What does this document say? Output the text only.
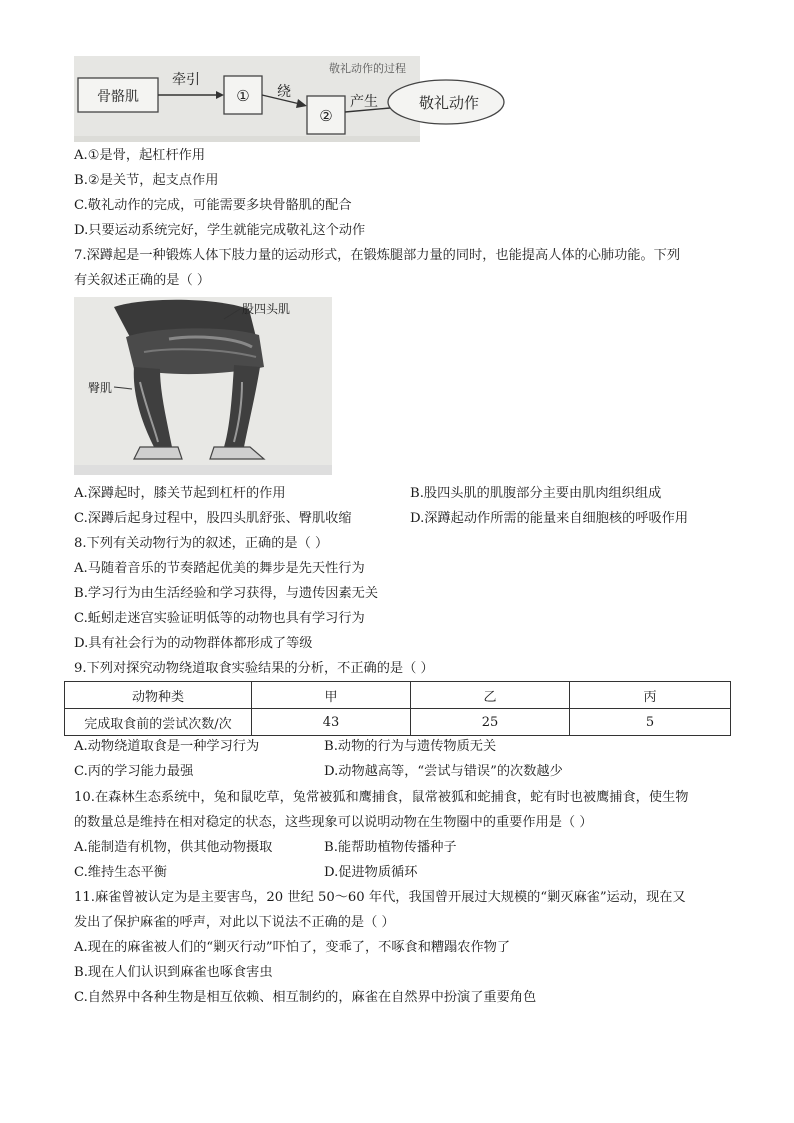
敬礼动作的过程
骨骼肌
牵引
① 绕
②
产生	敬礼动作
A.①是骨，起杠杆作用
B.②是关节，起支点作用
C.敬礼动作的完成，可能需要多块骨骼肌的配合
D.只要运动系统完好，学生就能完成敬礼这个动作
7.深蹲起是一种锻炼人体下肢力量的运动形式，在锻炼腿部力量的同时，也能提高人体的心肺功能。下列
有关叙述正确的是（ ）
股四头肌
臀肌
A.深蹲起时，膝关节起到杠杆的作用	B.股四头肌的肌腹部分主要由肌肉组织组成
C.深蹲后起身过程中，股四头肌舒张、臀肌收缩	D.深蹲起动作所需的能量来自细胞核的呼吸作用
8.下列有关动物行为的叙述，正确的是（ ）
A.马随着音乐的节奏踏起优美的舞步是先天性行为
B.学习行为由生活经验和学习获得，与遗传因素无关
C.蚯蚓走迷宫实验证明低等的动物也具有学习行为
D.具有社会行为的动物群体都形成了等级
9.下列对探究动物绕道取食实验结果的分析，不正确的是（ ）
动物种类	甲	乙	丙
完成取食前的尝试次数/次	43	25	5
A.动物绕道取食是一种学习行为	B.动物的行为与遗传物质无关
C.丙的学习能力最强	D.动物越高等，“尝试与错误”的次数越少
10.在森林生态系统中，兔和鼠吃草，兔常被狐和鹰捕食，鼠常被狐和蛇捕食，蛇有时也被鹰捕食，使生物
的数量总是维持在相对稳定的状态，这些现象可以说明动物在生物圈中的重要作用是（ ）
A.能制造有机物，供其他动物摄取	B.能帮助植物传播种子
C.维持生态平衡	D.促进物质循环
11.麻雀曾被认定为是主要害鸟，20 世纪 50～60 年代，我国曾开展过大规模的“剿灭麻雀”运动，现在又
发出了保护麻雀的呼声，对此以下说法不正确的是（ ）
A.现在的麻雀被人们的“剿灭行动”吓怕了，变乖了，不啄食和糟蹋农作物了
B.现在人们认识到麻雀也啄食害虫
C.自然界中各种生物是相互依赖、相互制约的，麻雀在自然界中扮演了重要角色
